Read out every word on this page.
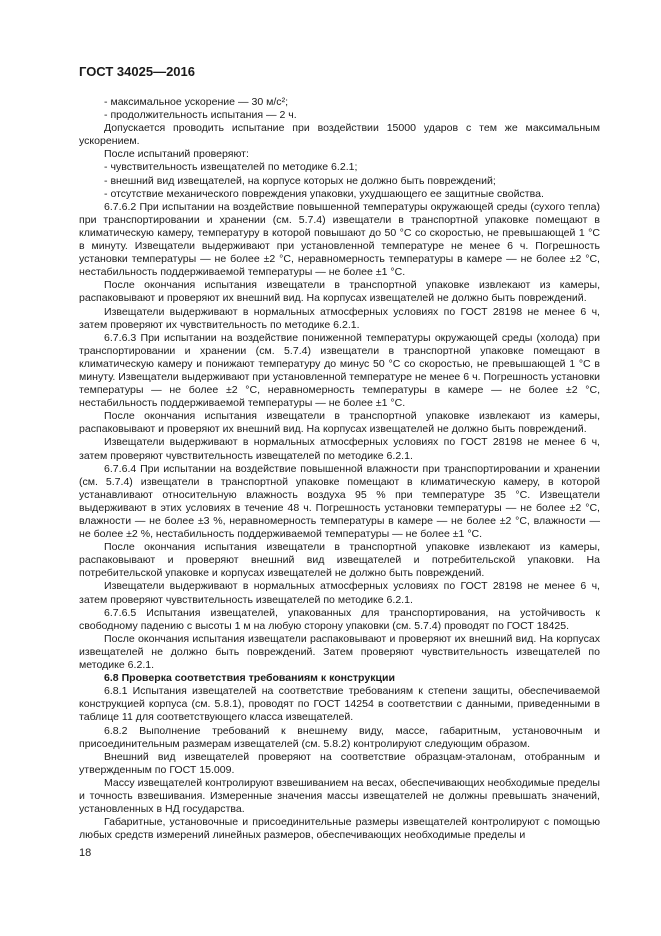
ГОСТ 34025—2016

- максимальное ускорение — 30 м/с²;

- продолжительность испытания — 2 ч.

Допускается проводить испытание при воздействии 15000 ударов с тем же максимальным ускорением.

После испытаний проверяют:

- чувствительность извещателей по методике 6.2.1;

- внешний вид извещателей, на корпусе которых не должно быть повреждений;

- отсутствие механического повреждения упаковки, ухудшающего ее защитные свойства.

6.7.6.2 При испытании на воздействие повышенной температуры окружающей среды (сухого тепла) при транспортировании и хранении (см. 5.7.4) извещатели в транспортной упаковке помещают в климатическую камеру, температуру в которой повышают до 50 °С со скоростью, не превышающей 1 °С в минуту. Извещатели выдерживают при установленной температуре не менее 6 ч. Погрешность установки температуры — не более ±2 °С, неравномерность температуры в камере — не более ±2 °С, нестабильность поддерживаемой температуры — не более ±1 °С.

После окончания испытания извещатели в транспортной упаковке извлекают из камеры, распаковывают и проверяют их внешний вид. На корпусах извещателей не должно быть повреждений.

Извещатели выдерживают в нормальных атмосферных условиях по ГОСТ 28198 не менее 6 ч, затем проверяют их чувствительность по методике 6.2.1.

6.7.6.3 При испытании на воздействие пониженной температуры окружающей среды (холода) при транспортировании и хранении (см. 5.7.4) извещатели в транспортной упаковке помещают в климатическую камеру и понижают температуру до минус 50 °С со скоростью, не превышающей 1 °С в минуту. Извещатели выдерживают при установленной температуре не менее 6 ч. Погрешность установки температуры — не более ±2 °С, неравномерность температуры в камере — не более ±2 °С, нестабильность поддерживаемой температуры — не более ±1 °С.

После окончания испытания извещатели в транспортной упаковке извлекают из камеры, распаковывают и проверяют их внешний вид. На корпусах извещателей не должно быть повреждений.

Извещатели выдерживают в нормальных атмосферных условиях по ГОСТ 28198 не менее 6 ч, затем проверяют чувствительность извещателей по методике 6.2.1.

6.7.6.4 При испытании на воздействие повышенной влажности при транспортировании и хранении (см. 5.7.4) извещатели в транспортной упаковке помещают в климатическую камеру, в которой устанавливают относительную влажность воздуха 95 % при температуре 35 °С. Извещатели выдерживают в этих условиях в течение 48 ч. Погрешность установки температуры — не более ±2 °С, влажности — не более ±3 %, неравномерность температуры в камере — не более ±2 °С, влажности — не более ±2 %, нестабильность поддерживаемой температуры — не более ±1 °С.

После окончания испытания извещатели в транспортной упаковке извлекают из камеры, распаковывают и проверяют внешний вид извещателей и потребительской упаковки. На потребительской упаковке и корпусах извещателей не должно быть повреждений.

Извещатели выдерживают в нормальных атмосферных условиях по ГОСТ 28198 не менее 6 ч, затем проверяют чувствительность извещателей по методике 6.2.1.

6.7.6.5 Испытания извещателей, упакованных для транспортирования, на устойчивость к свободному падению с высоты 1 м на любую сторону упаковки (см. 5.7.4) проводят по ГОСТ 18425.

После окончания испытания извещатели распаковывают и проверяют их внешний вид. На корпусах извещателей не должно быть повреждений. Затем проверяют чувствительность извещателей по методике 6.2.1.

6.8 Проверка соответствия требованиям к конструкции

6.8.1 Испытания извещателей на соответствие требованиям к степени защиты, обеспечиваемой конструкцией корпуса (см. 5.8.1), проводят по ГОСТ 14254 в соответствии с данными, приведенными в таблице 11 для соответствующего класса извещателей.

6.8.2 Выполнение требований к внешнему виду, массе, габаритным, установочным и присоединительным размерам извещателей (см. 5.8.2) контролируют следующим образом.

Внешний вид извещателей проверяют на соответствие образцам-эталонам, отобранным и утвержденным по ГОСТ 15.009.

Массу извещателей контролируют взвешиванием на весах, обеспечивающих необходимые пределы и точность взвешивания. Измеренные значения массы извещателей не должны превышать значений, установленных в НД государства.

Габаритные, установочные и присоединительные размеры извещателей контролируют с помощью любых средств измерений линейных размеров, обеспечивающих необходимые пределы и

18
